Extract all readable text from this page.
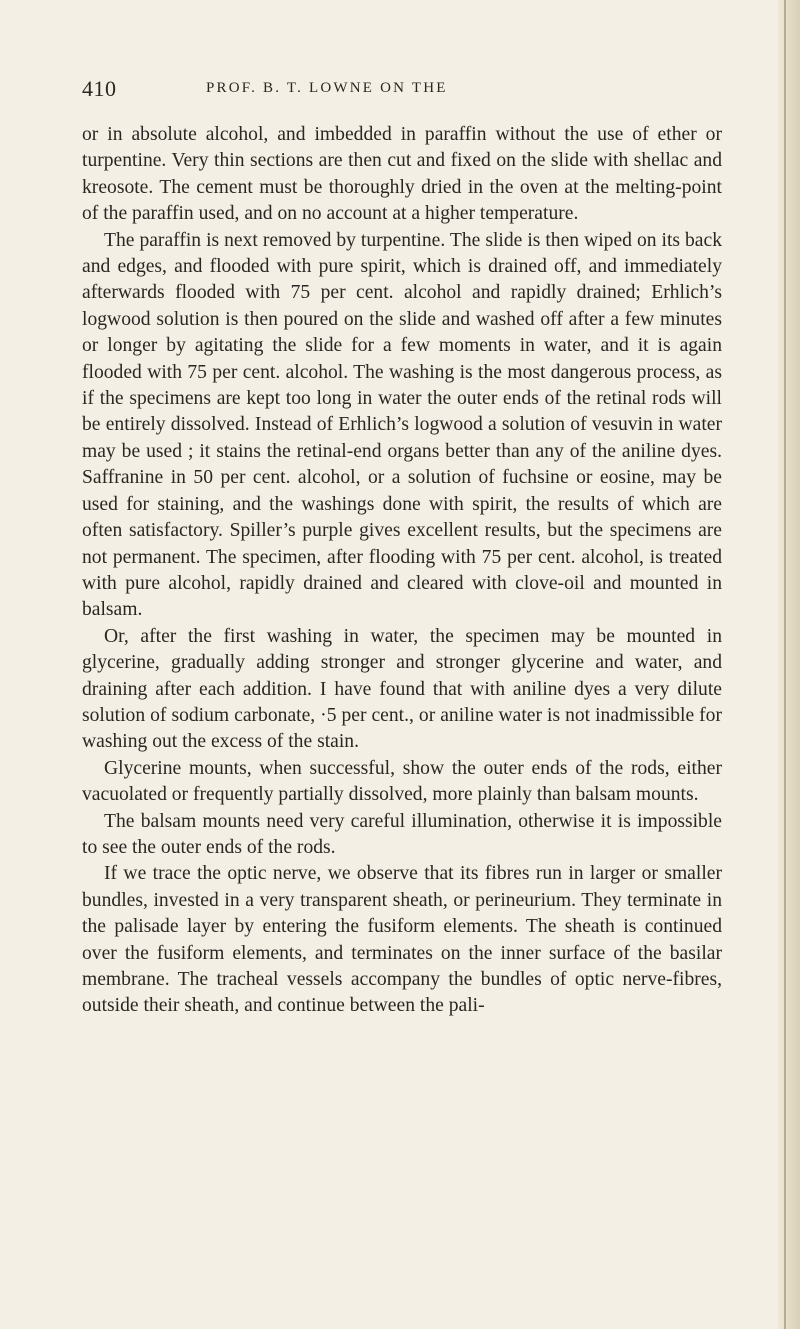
410	PROF. B. T. LOWNE ON THE

or in absolute alcohol, and imbedded in paraffin without the use of ether or turpentine. Very thin sections are then cut and fixed on the slide with shellac and kreosote. The cement must be thoroughly dried in the oven at the melting-point of the paraffin used, and on no account at a higher temperature.

The paraffin is next removed by turpentine. The slide is then wiped on its back and edges, and flooded with pure spirit, which is drained off, and immediately afterwards flooded with 75 per cent. alcohol and rapidly drained; Erhlich’s logwood solution is then poured on the slide and washed off after a few minutes or longer by agitating the slide for a few moments in water, and it is again flooded with 75 per cent. alcohol. The washing is the most dangerous process, as if the specimens are kept too long in water the outer ends of the retinal rods will be entirely dissolved. Instead of Erhlich’s logwood a solution of vesuvin in water may be used ; it stains the retinal-end organs better than any of the aniline dyes. Saffranine in 50 per cent. alcohol, or a solution of fuchsine or eosine, may be used for staining, and the washings done with spirit, the results of which are often satisfactory. Spiller’s purple gives excellent results, but the specimens are not permanent. The specimen, after flooding with 75 per cent. alcohol, is treated with pure alcohol, rapidly drained and cleared with clove-oil and mounted in balsam.

Or, after the first washing in water, the specimen may be mounted in glycerine, gradually adding stronger and stronger glycerine and water, and draining after each addition. I have found that with aniline dyes a very dilute solution of sodium carbonate, ·5 per cent., or aniline water is not inadmissible for washing out the excess of the stain.

Glycerine mounts, when successful, show the outer ends of the rods, either vacuolated or frequently partially dissolved, more plainly than balsam mounts.

The balsam mounts need very careful illumination, otherwise it is impossible to see the outer ends of the rods.

If we trace the optic nerve, we observe that its fibres run in larger or smaller bundles, invested in a very transparent sheath, or perineurium. They terminate in the palisade layer by entering the fusiform elements. The sheath is continued over the fusiform elements, and terminates on the inner surface of the basilar membrane. The tracheal vessels accompany the bundles of optic nerve-fibres, outside their sheath, and continue between the pali-
